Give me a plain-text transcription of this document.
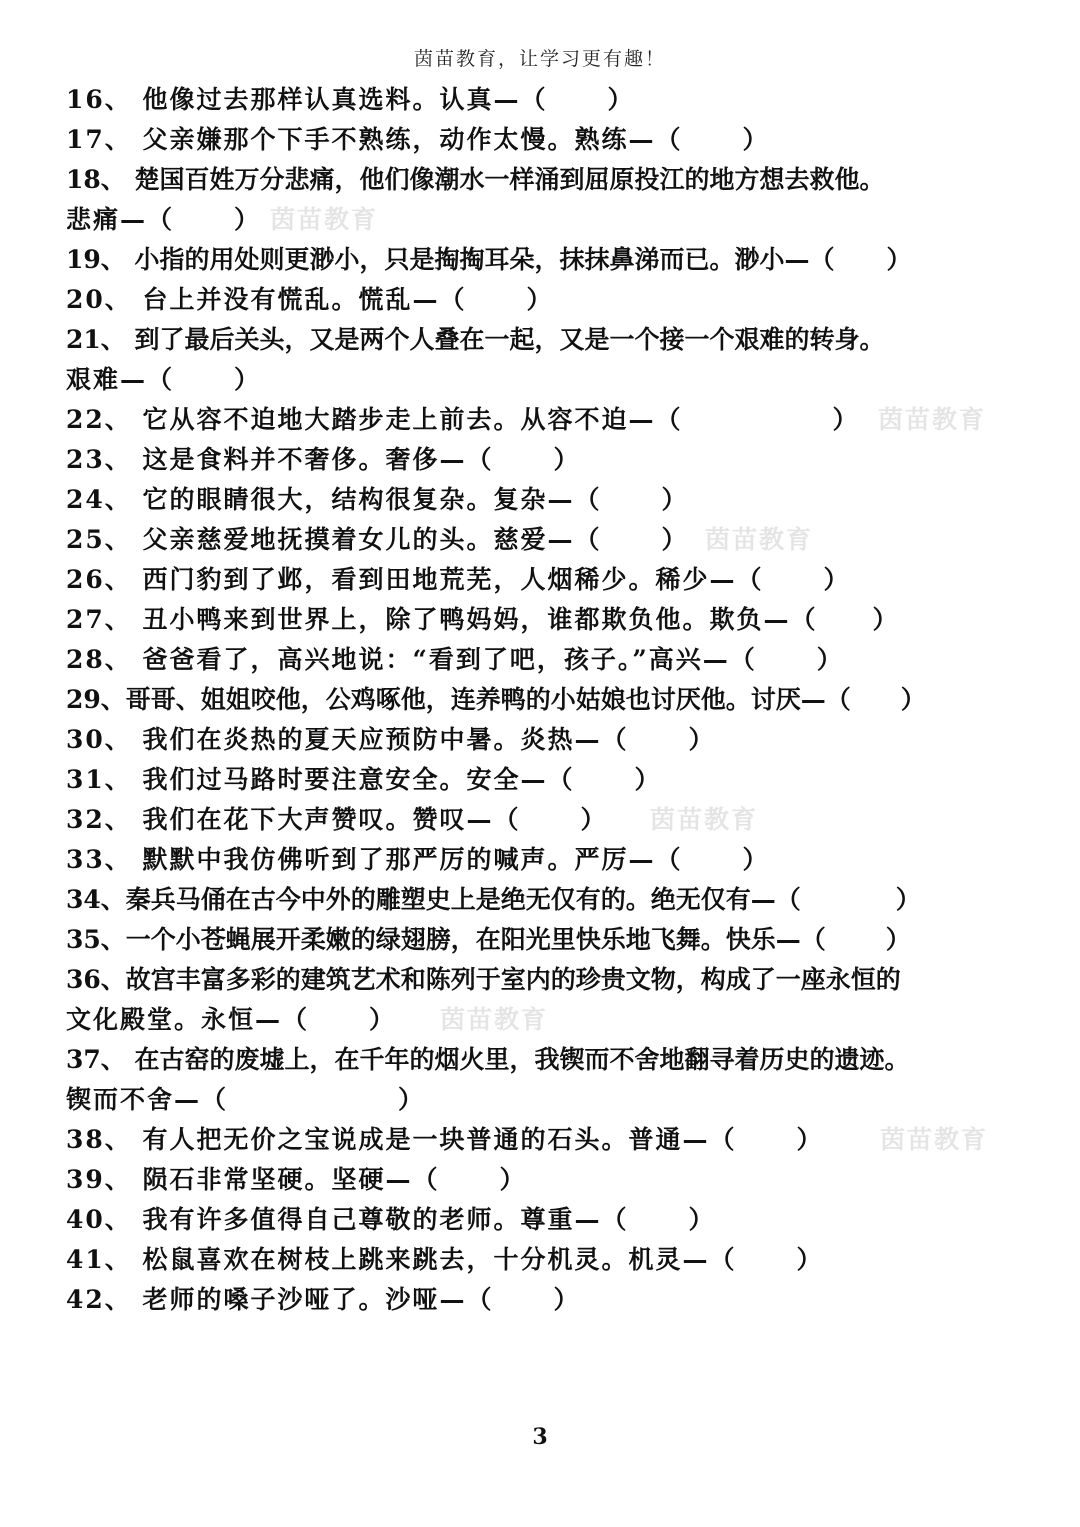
茵苗教育，让学习更有趣！
16、 他像过去那样认真选料。认真—（ ）
17、 父亲嫌那个下手不熟练，动作太慢。熟练—（ ）
18、 楚国百姓万分悲痛，他们像潮水一样涌到屈原投江的地方想去救他。
悲痛—（ ）
19、 小指的用处则更渺小，只是掏掏耳朵，抹抹鼻涕而已。渺小—（ ）
20、 台上并没有慌乱。慌乱—（ ）
21、 到了最后关头，又是两个人叠在一起，又是一个接一个艰难的转身。
艰难—（ ）
22、 它从容不迫地大踏步走上前去。从容不迫—（	）
23、 这是食料并不奢侈。奢侈—（ ）
24、 它的眼睛很大，结构很复杂。复杂—（ ）
25、 父亲慈爱地抚摸着女儿的头。慈爱—（ ）
26、 西门豹到了邺，看到田地荒芜，人烟稀少。稀少—（ ）
27、 丑小鸭来到世界上，除了鸭妈妈，谁都欺负他。欺负—（ ）
28、 爸爸看了，高兴地说：“看到了吧，孩子。”高兴—（ ）
29、哥哥、姐姐咬他，公鸡啄他，连养鸭的小姑娘也讨厌他。讨厌—（ ）
30、 我们在炎热的夏天应预防中暑。炎热—（ ）
31、 我们过马路时要注意安全。安全—（ ）
32、 我们在花下大声赞叹。赞叹—（ ）
33、 默默中我仿佛听到了那严厉的喊声。严厉—（ ）
34、秦兵马俑在古今中外的雕塑史上是绝无仅有的。绝无仅有—（	）
35、一个小苍蝇展开柔嫩的绿翅膀，在阳光里快乐地飞舞。快乐—（ ）
36、故宫丰富多彩的建筑艺术和陈列于室内的珍贵文物，构成了一座永恒的
文化殿堂。永恒—（ ）
37、 在古窑的废墟上，在千年的烟火里，我锲而不舍地翻寻着历史的遗迹。
锲而不舍—（	）
38、 有人把无价之宝说成是一块普通的石头。普通—（ ）
39、 陨石非常坚硬。坚硬—（ ）
40、 我有许多值得自己尊敬的老师。尊重—（ ）
41、 松鼠喜欢在树枝上跳来跳去，十分机灵。机灵—（ ）
42、 老师的嗓子沙哑了。沙哑—（ ）
茵苗教育
茵苗教育
茵苗教育
茵苗教育
茵苗教育
茵苗教育
3
